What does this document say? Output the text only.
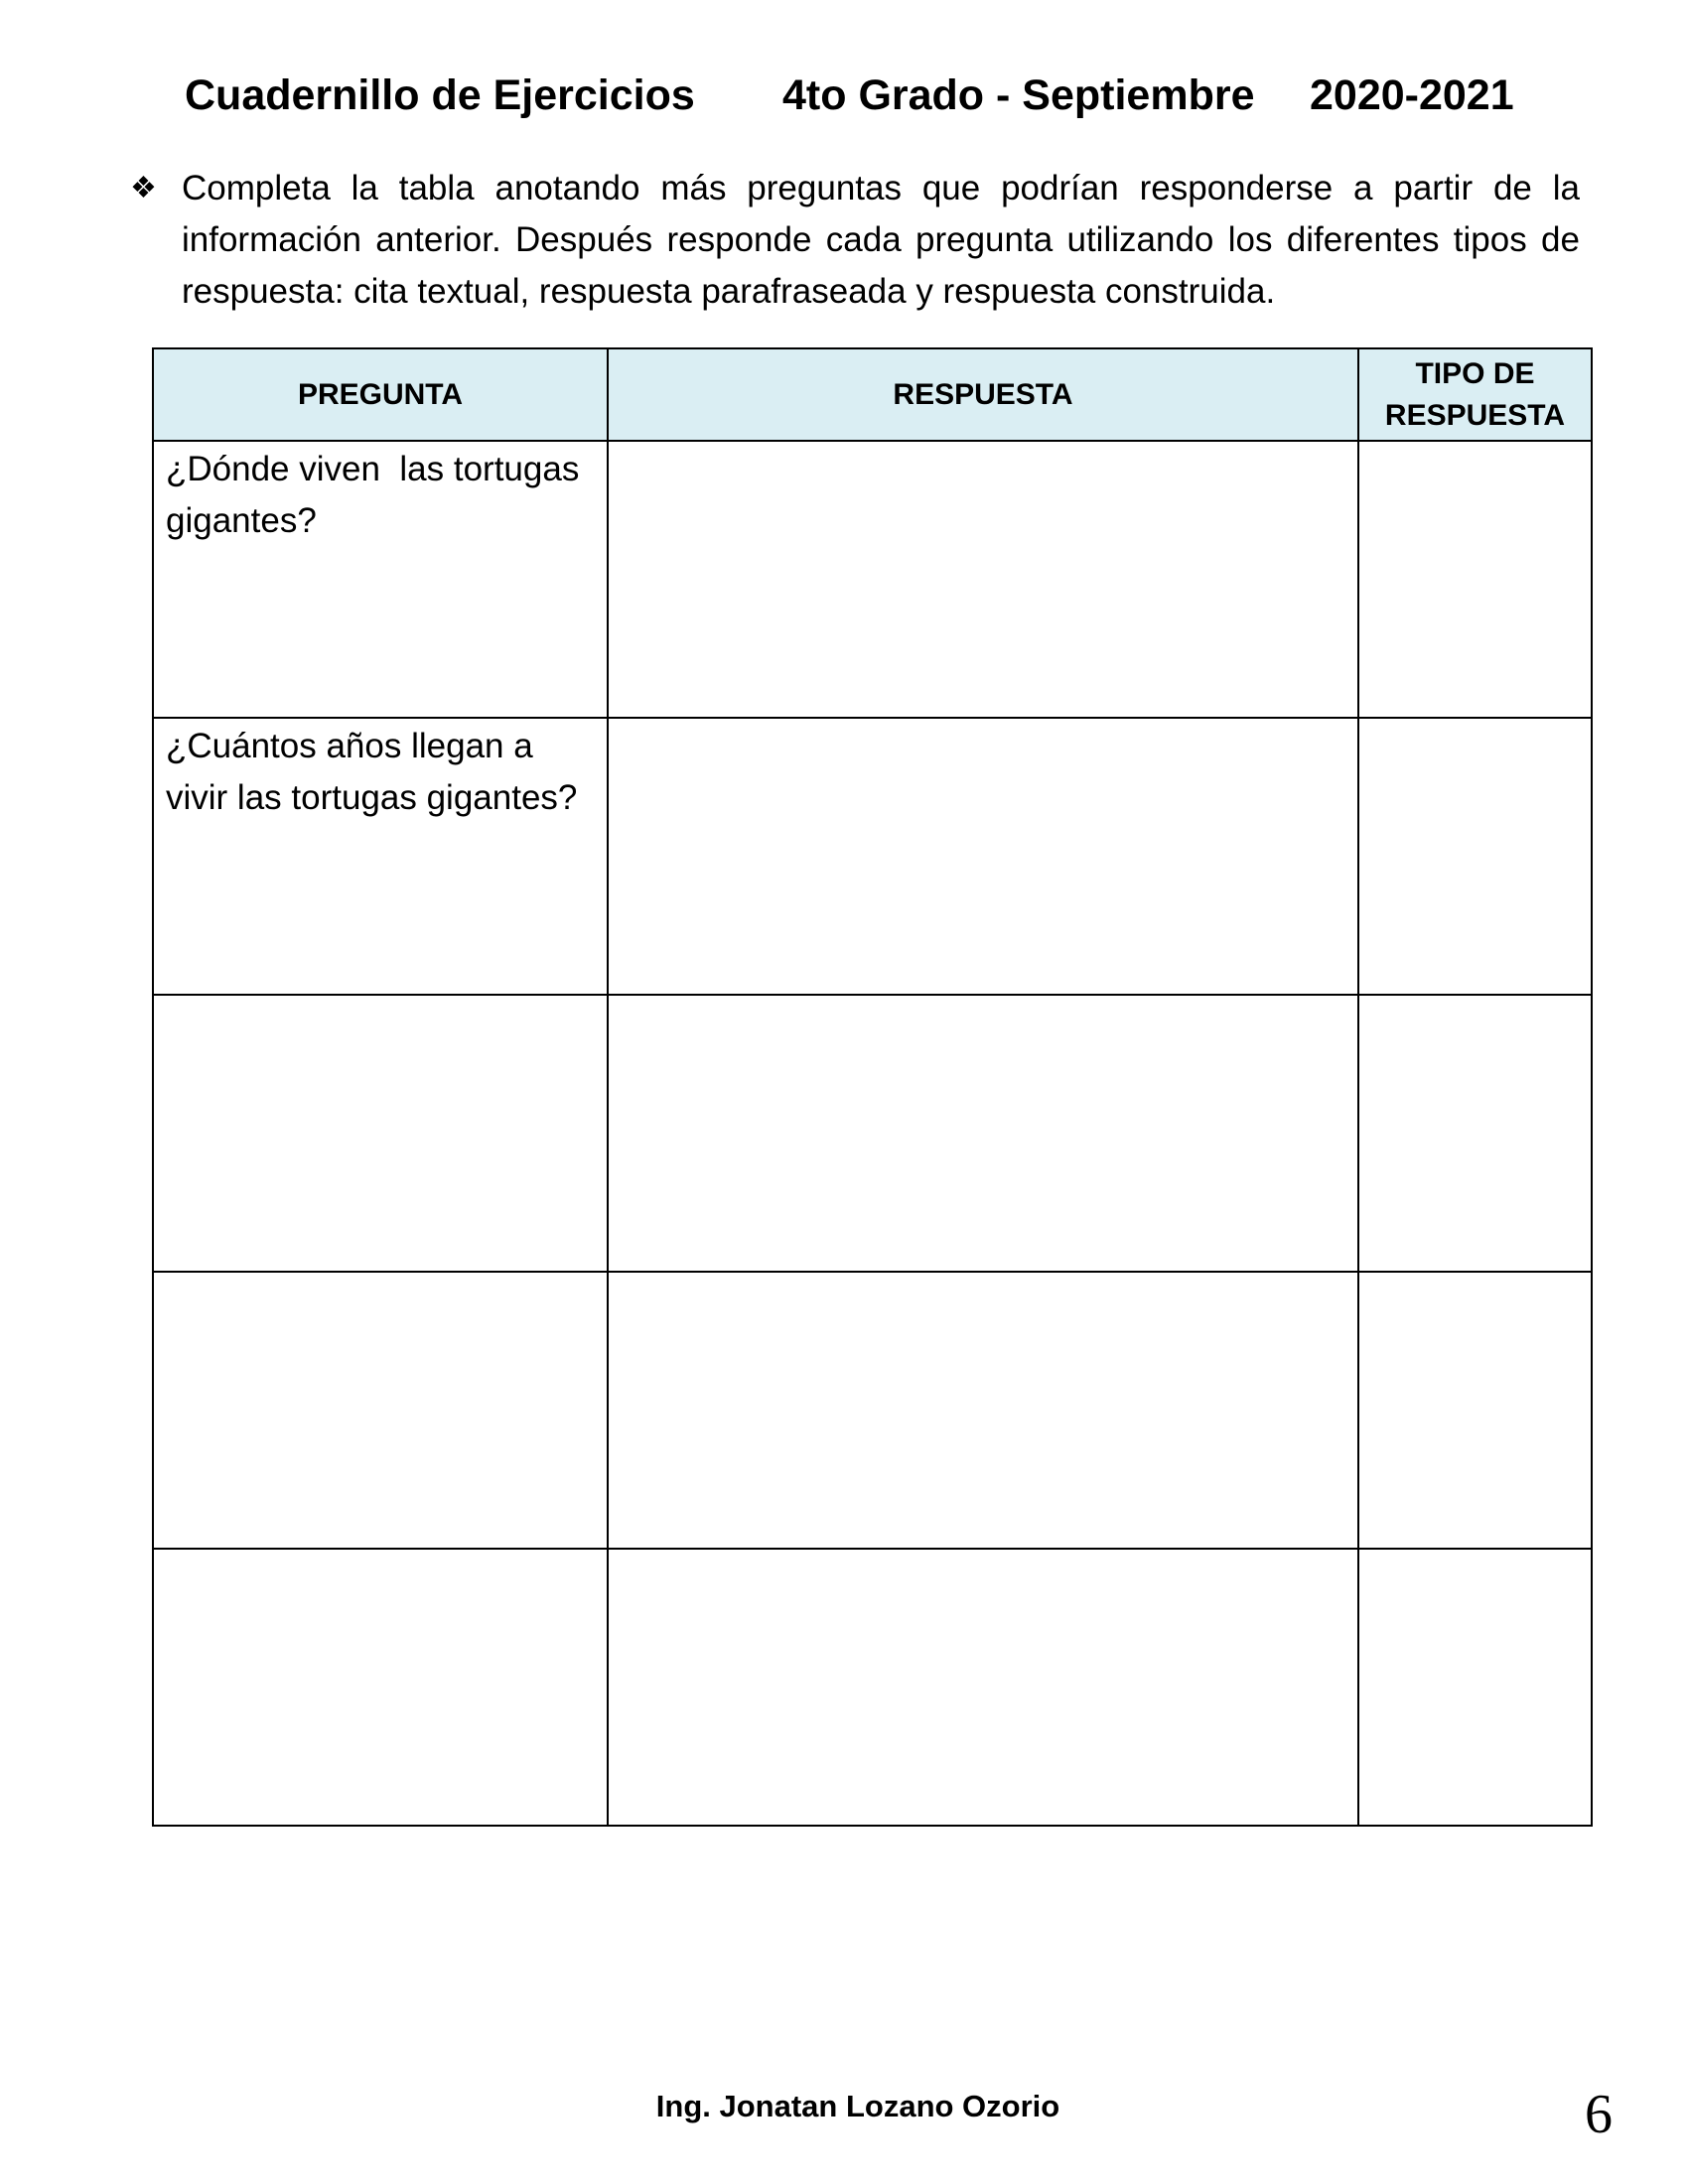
Cuadernillo de Ejercicios 4to Grado - Septiembre 2020-2021
❖ Completa la tabla anotando más preguntas que podrían responderse a partir de la información anterior. Después responde cada pregunta utilizando los diferentes tipos de respuesta: cita textual, respuesta parafraseada y respuesta construida.
PREGUNTA	RESPUESTA	TIPO DE RESPUESTA
¿Dónde viven  las tortugas gigantes?		
¿Cuántos años llegan a vivir las tortugas gigantes?		

Ing. Jonatan Lozano Ozorio	6
